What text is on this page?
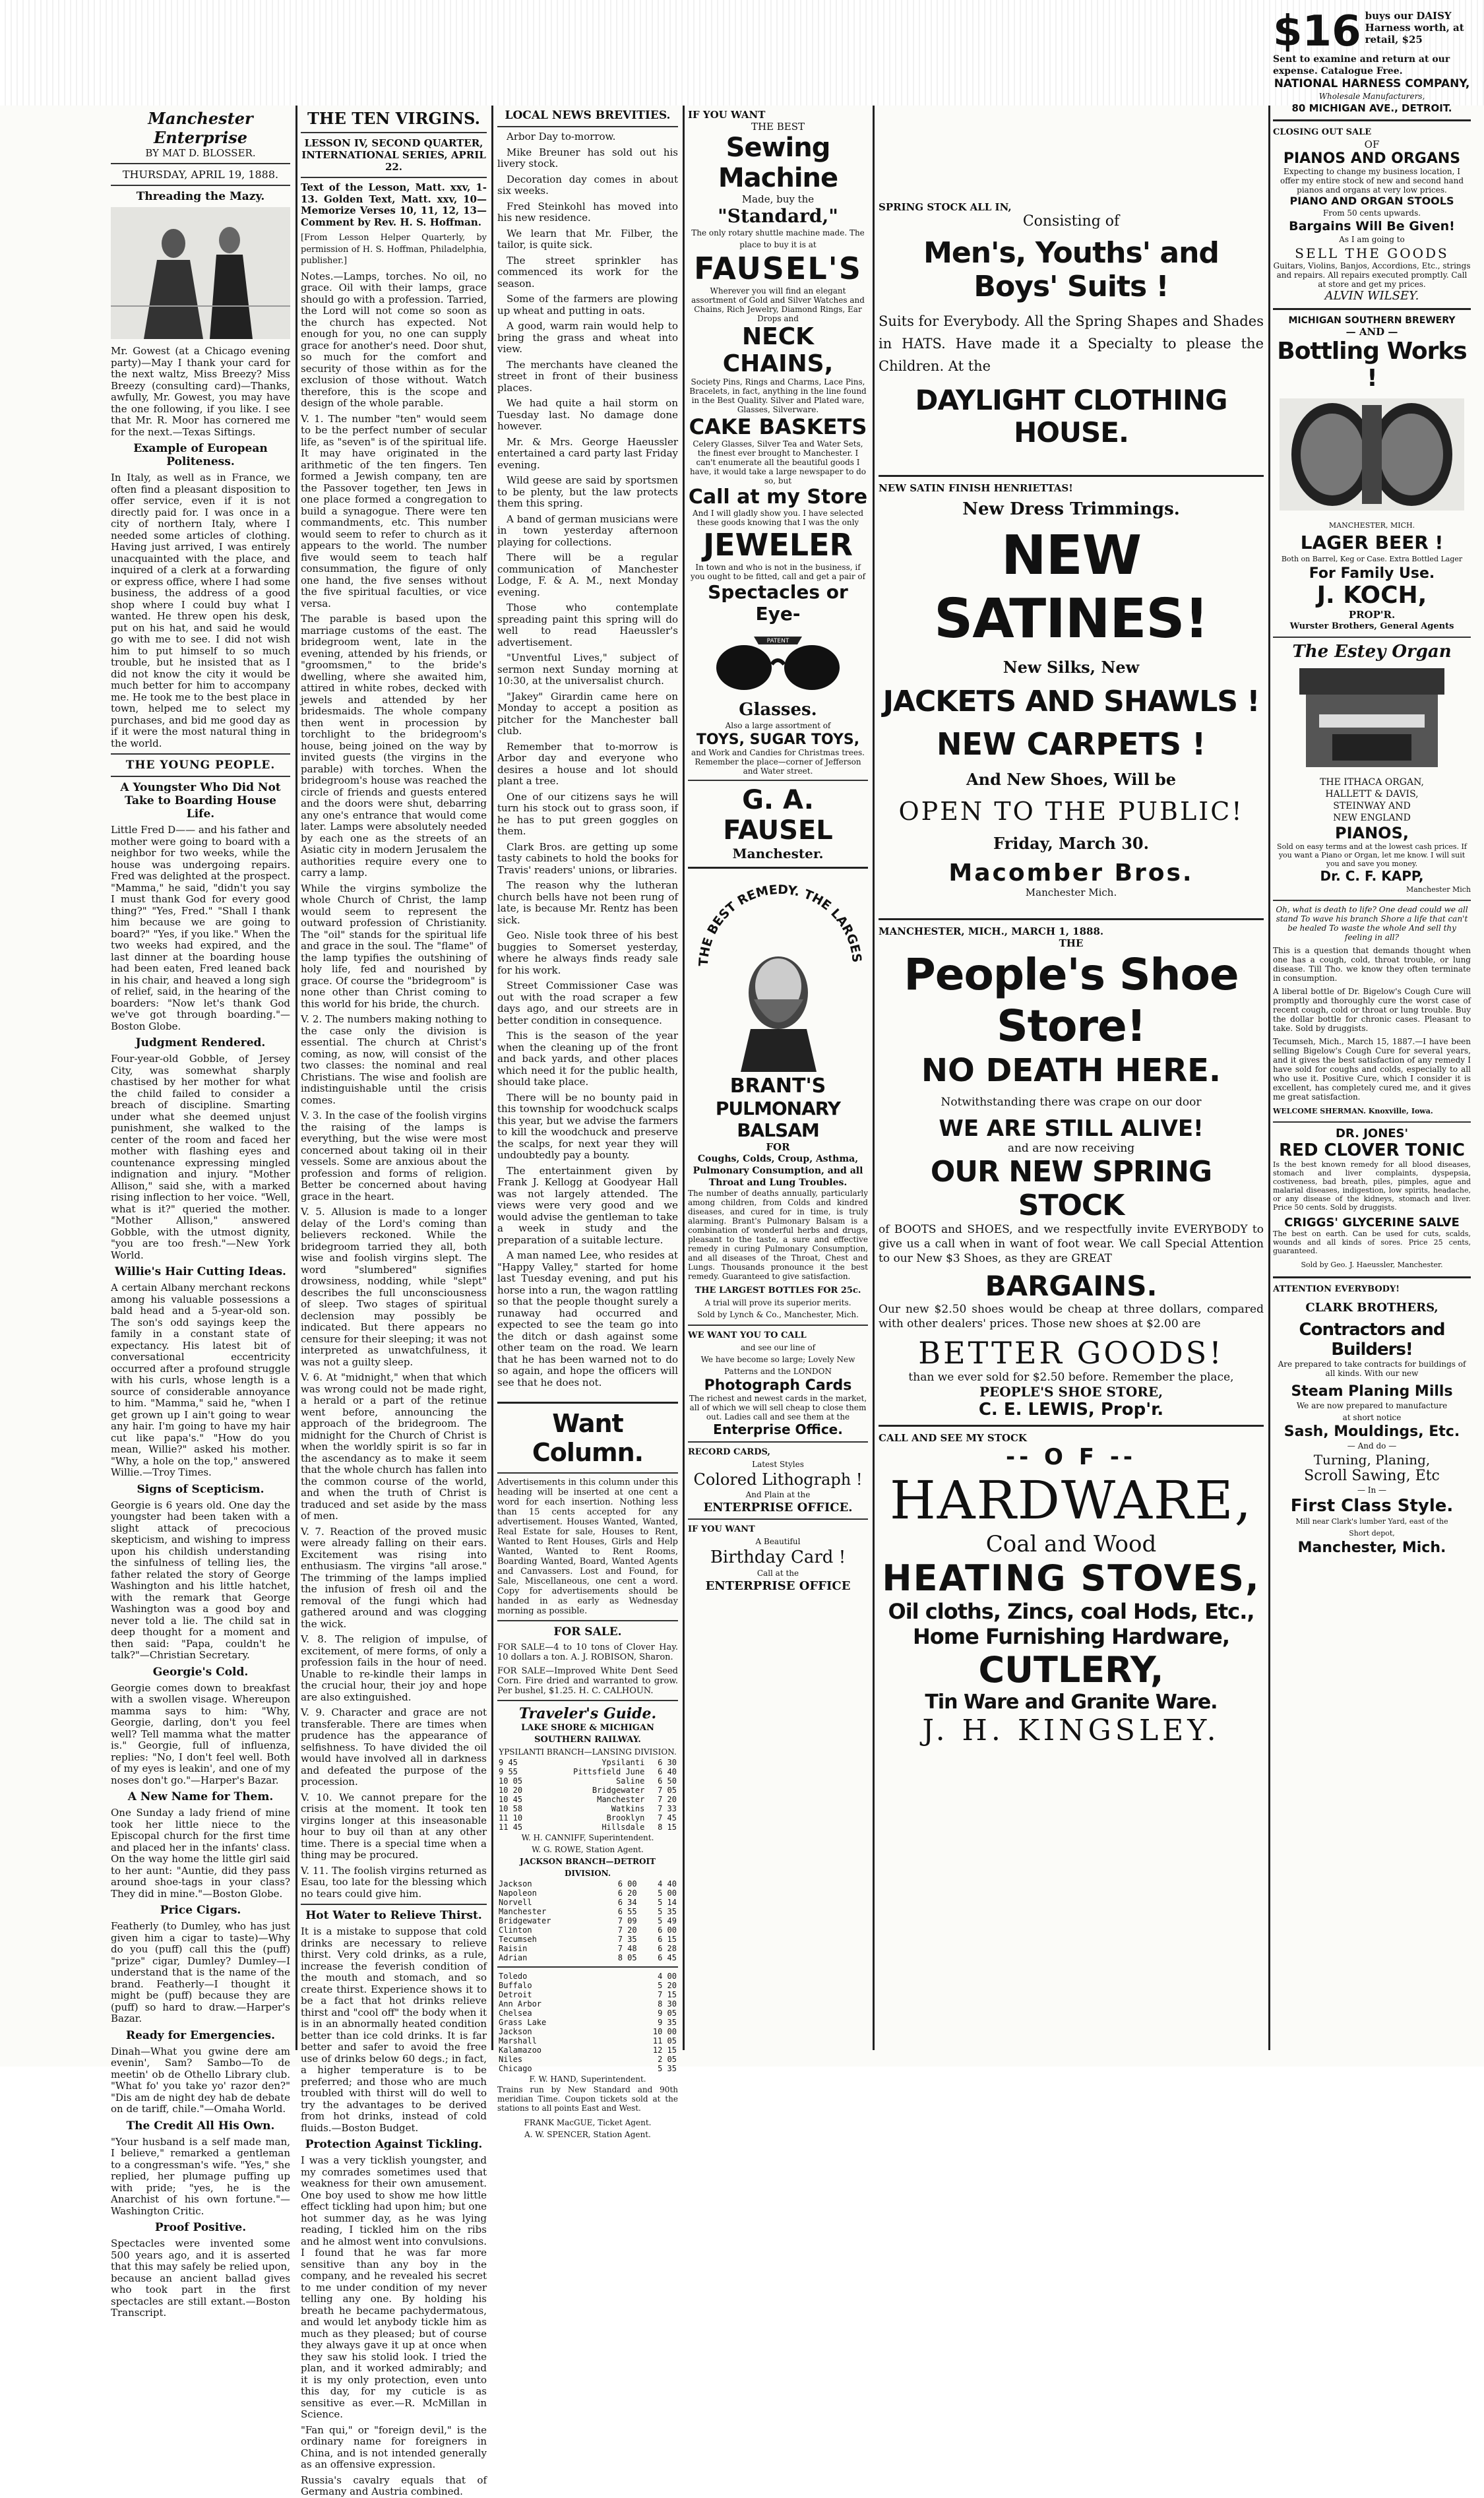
Manchester Enterprise
BY MAT D. BLOSSER.
THURSDAY, APRIL 19, 1888.
Threading the Mazy.

Mr. Gowest (at a Chicago evening party)—May I thank your card for the next waltz, Miss Breezy? Miss Breezy (consulting card)—Thanks, awfully, Mr. Gowest, you may have the one following, if you like. I see that Mr. R. Moor has cornered me for the next.—Texas Siftings.

Example of European Politeness.

In Italy, as well as in France, we often find a pleasant disposition to offer service, even if it is not directly paid for. I was once in a city of northern Italy, where I needed some articles of clothing. Having just arrived, I was entirely unacquainted with the place, and inquired of a clerk at a forwarding or express office, where I had some business, the address of a good shop where I could buy what I wanted. He threw open his desk, put on his hat, and said he would go with me to see. I did not wish him to put himself to so much trouble, but he insisted that as I did not know the city it would be much better for him to accompany me. He took me to the best place in town, helped me to select my purchases, and bid me good day as if it were the most natural thing in the world.

THE YOUNG PEOPLE.
A Youngster Who Did Not Take to Boarding House Life.

Little Fred D—— and his father and mother were going to board with a neighbor for two weeks, while the house was undergoing repairs. Fred was delighted at the prospect. "Mamma," he said, "didn't you say I must thank God for every good thing?" "Yes, Fred." "Shall I thank him because we are going to board?" "Yes, if you like." When the two weeks had expired, and the last dinner at the boarding house had been eaten, Fred leaned back in his chair, and heaved a long sigh of relief, said, in the hearing of the boarders: "Now let's thank God we've got through boarding."—Boston Globe.

Judgment Rendered.

Four-year-old Gobble, of Jersey City, was somewhat sharply chastised by her mother for what the child failed to consider a breach of discipline. Smarting under what she deemed unjust punishment, she walked to the center of the room and faced her mother with flashing eyes and countenance expressing mingled indignation and injury. "Mother Allison," said she, with a marked rising inflection to her voice. "Well, what is it?" queried the mother. "Mother Allison," answered Gobble, with the utmost dignity, "you are too fresh."—New York World.

Willie's Hair Cutting Ideas.

A certain Albany merchant reckons among his valuable possessions a bald head and a 5-year-old son. The son's odd sayings keep the family in a constant state of expectancy. His latest bit of conversational eccentricity occurred after a profound struggle with his curls, whose length is a source of considerable annoyance to him. "Mamma," said he, "when I get grown up I ain't going to wear any hair. I'm going to have my hair cut like papa's." "How do you mean, Willie?" asked his mother. "Why, a hole on the top," answered Willie.—Troy Times.

Signs of Scepticism.

Georgie is 6 years old. One day the youngster had been taken with a slight attack of precocious skepticism, and wishing to impress upon his childish understanding the sinfulness of telling lies, the father related the story of George Washington and his little hatchet, with the remark that George Washington was a good boy and never told a lie. The child sat in deep thought for a moment and then said: "Papa, couldn't he talk?"—Christian Secretary.

Georgie's Cold.

Georgie comes down to breakfast with a swollen visage. Whereupon mamma says to him: "Why, Georgie, darling, don't you feel well? Tell mamma what the matter is." Georgie, full of influenza, replies: "No, I don't feel well. Both of my eyes is leakin', and one of my noses don't go."—Harper's Bazar.

A New Name for Them.

One Sunday a lady friend of mine took her little niece to the Episcopal church for the first time and placed her in the infants' class. On the way home the little girl said to her aunt: "Auntie, did they pass around shoe-tags in your class? They did in mine."—Boston Globe.

Price Cigars.

Featherly (to Dumley, who has just given him a cigar to taste)—Why do you (puff) call this the (puff) "prize" cigar, Dumley? Dumley—I understand that is the name of the brand. Featherly—I thought it might be (puff) because they are (puff) so hard to draw.—Harper's Bazar.

Ready for Emergencies.

Dinah—What you gwine dere am evenin', Sam? Sambo—To de meetin' ob de Othello Library club. "What fo' you take yo' razor den?" "Dis am de night dey hab de debate on de tariff, chile."—Omaha World.

The Credit All His Own.

"Your husband is a self made man, I believe," remarked a gentleman to a congressman's wife. "Yes," she replied, her plumage puffing up with pride; "yes, he is the Anarchist of his own fortune."—Washington Critic.

Proof Positive.

Spectacles were invented some 500 years ago, and it is asserted that this may safely be relied upon, because an ancient ballad gives who took part in the first spectacles are still extant.—Boston Transcript.

THE TEN VIRGINS.
LESSON IV, SECOND QUARTER, INTERNATIONAL SERIES, APRIL 22.

Text of the Lesson, Matt. xxv, 1-13. Golden Text, Matt. xxv, 10—Memorize Verses 10, 11, 12, 13—Comment by Rev. H. S. Hoffman.

[From Lesson Helper Quarterly, by permission of H. S. Hoffman, Philadelphia, publisher.]

Notes.—Lamps, torches. No oil, no grace. Oil with their lamps, grace should go with a profession. Tarried, the Lord will not come so soon as the church has expected. Not enough for you, no one can supply grace for another's need. Door shut, so much for the comfort and security of those within as for the exclusion of those without. Watch therefore, this is the scope and design of the whole parable.

V. 1. The number "ten" would seem to be the perfect number of secular life, as "seven" is of the spiritual life. It may have originated in the arithmetic of the ten fingers. Ten formed a Jewish company, ten are the Passover together, ten Jews in one place formed a congregation to build a synagogue. There were ten commandments, etc. This number would seem to refer to church as it appears to the world. The number five would seem to teach half consummation, the figure of only one hand, the five senses without the five spiritual faculties, or vice versa.

The parable is based upon the marriage customs of the east. The bridegroom went, late in the evening, attended by his friends, or "groomsmen," to the bride's dwelling, where she awaited him, attired in white robes, decked with jewels and attended by her bridesmaids. The whole company then went in procession by torchlight to the bridegroom's house, being joined on the way by invited guests (the virgins in the parable) with torches. When the bridegroom's house was reached the circle of friends and guests entered and the doors were shut, debarring any one's entrance that would come later. Lamps were absolutely needed by each one as the streets of an Asiatic city in modern Jerusalem the authorities require every one to carry a lamp.

While the virgins symbolize the whole Church of Christ, the lamp would seem to represent the outward profession of Christianity. The "oil" stands for the spiritual life and grace in the soul. The "flame" of the lamp typifies the outshining of holy life, fed and nourished by grace. Of course the "bridegroom" is none other than Christ coming to this world for his bride, the church.

V. 2. The numbers making nothing to the case only the division is essential. The church at Christ's coming, as now, will consist of the two classes: the nominal and real Christians. The wise and foolish are indistinguishable until the crisis comes.

V. 3. In the case of the foolish virgins the raising of the lamps is everything, but the wise were most concerned about taking oil in their vessels. Some are anxious about the profession and forms of religion. Better be concerned about having grace in the heart.

V. 5. Allusion is made to a longer delay of the Lord's coming than believers reckoned. While the bridegroom tarried they all, both wise and foolish virgins slept. The word "slumbered" signifies drowsiness, nodding, while "slept" describes the full unconsciousness of sleep. Two stages of spiritual declension may possibly be indicated. But there appears no censure for their sleeping; it was not interpreted as unwatchfulness, it was not a guilty sleep.

V. 6. At "midnight," when that which was wrong could not be made right, a herald or a part of the retinue went before, announcing the approach of the bridegroom. The midnight for the Church of Christ is when the worldly spirit is so far in the ascendancy as to make it seem that the whole church has fallen into the common course of the world, and when the truth of Christ is traduced and set aside by the mass of men.

V. 7. Reaction of the proved music were already falling on their ears. Excitement was rising into enthusiasm. The virgins "all arose." The trimming of the lamps implied the infusion of fresh oil and the removal of the fungi which had gathered around and was clogging the wick.

V. 8. The religion of impulse, of excitement, of mere forms, of only a profession fails in the hour of need. Unable to re-kindle their lamps in the crucial hour, their joy and hope are also extinguished.

V. 9. Character and grace are not transferable. There are times when prudence has the appearance of selfishness. To have divided the oil would have involved all in darkness and defeated the purpose of the procession.

V. 10. We cannot prepare for the crisis at the moment. It took ten virgins longer at this inseasonable hour to buy oil than at any other time. There is a special time when a thing may be procured.

V. 11. The foolish virgins returned as Esau, too late for the blessing which no tears could give him.

Hot Water to Relieve Thirst.

It is a mistake to suppose that cold drinks are necessary to relieve thirst. Very cold drinks, as a rule, increase the feverish condition of the mouth and stomach, and so create thirst. Experience shows it to be a fact that hot drinks relieve thirst and "cool off" the body when it is in an abnormally heated condition better than ice cold drinks. It is far better and safer to avoid the free use of drinks below 60 degs.; in fact, a higher temperature is to be preferred; and those who are much troubled with thirst will do well to try the advantages to be derived from hot drinks, instead of cold fluids.—Boston Budget.

Protection Against Tickling.

I was a very ticklish youngster, and my comrades sometimes used that weakness for their own amusement. One boy used to show me how little effect tickling had upon him; but one hot summer day, as he was lying reading, I tickled him on the ribs and he almost went into convulsions. I found that he was far more sensitive than any boy in the company, and he revealed his secret to me under condition of my never telling any one. By holding his breath he became pachydermatous, and would let anybody tickle him as much as they pleased; but of course they always gave it up at once when they saw his stolid look. I tried the plan, and it worked admirably; and it is my only protection, even unto this day, for my cuticle is as sensitive as ever.—R. McMillan in Science.

"Fan qui," or "foreign devil," is the ordinary name for foreigners in China, and is not intended generally as an offensive expression.

Russia's cavalry equals that of Germany and Austria combined.

LOCAL NEWS BREVITIES.

Arbor Day to-morrow.

Mike Breuner has sold out his livery stock.

Decoration day comes in about six weeks.

Fred Steinkohl has moved into his new residence.

We learn that Mr. Filber, the tailor, is quite sick.

The street sprinkler has commenced its work for the season.

Some of the farmers are plowing up wheat and putting in oats.

A good, warm rain would help to bring the grass and wheat into view.

The merchants have cleaned the street in front of their business places.

We had quite a hail storm on Tuesday last. No damage done however.

Mr. & Mrs. George Haeussler entertained a card party last Friday evening.

Wild geese are said by sportsmen to be plenty, but the law protects them this spring.

A band of german musicians were in town yesterday afternoon playing for collections.

There will be a regular communication of Manchester Lodge, F. & A. M., next Monday evening.

Those who contemplate spreading paint this spring will do well to read Haeussler's advertisement.

"Unventful Lives," subject of sermon next Sunday morning at 10:30, at the universalist church.

"Jakey" Girardin came here on Monday to accept a position as pitcher for the Manchester ball club.

Remember that to-morrow is Arbor day and everyone who desires a house and lot should plant a tree.

One of our citizens says he will turn his stock out to grass soon, if he has to put green goggles on them.

Clark Bros. are getting up some tasty cabinets to hold the books for Travis' readers' unions, or libraries.

The reason why the lutheran church bells have not been rung of late, is because Mr. Rentz has been sick.

Geo. Nisle took three of his best buggies to Somerset yesterday, where he always finds ready sale for his work.

Street Commissioner Case was out with the road scraper a few days ago, and our streets are in better condition in consequence.

This is the season of the year when the cleaning up of the front and back yards, and other places which need it for the public health, should take place.

There will be no bounty paid in this township for woodchuck scalps this year, but we advise the farmers to kill the woodchuck and preserve the scalps, for next year they will undoubtedly pay a bounty.

The entertainment given by Frank J. Kellogg at Goodyear Hall was not largely attended. The views were very good and we would advise the gentleman to take a week in study and the preparation of a suitable lecture.

A man named Lee, who resides at "Happy Valley," started for home last Tuesday evening, and put his horse into a run, the wagon rattling so that the people thought surely a runaway had occurred and expected to see the team go into the ditch or dash against some other team on the road. We learn that he has been warned not to do so again, and hope the officers will see that he does not.

Want Column.

Advertisements in this column under this heading will be inserted at one cent a word for each insertion. Nothing less than 15 cents accepted for any advertisement. Houses Wanted, Wanted, Real Estate for sale, Houses to Rent, Wanted to Rent Houses, Girls and Help Wanted, Wanted to Rent Rooms, Boarding Wanted, Board, Wanted Agents and Canvassers. Lost and Found, for Sale, Miscellaneous, one cent a word. Copy for advertisements should be handed in as early as Wednesday morning as possible.

FOR SALE.

FOR SALE—4 to 10 tons of Clover Hay. 10 dollars a ton. A. J. ROBISON, Sharon.

FOR SALE—Improved White Dent Seed Corn. Fire dried and warranted to grow. Per bushel, $1.25. H. C. CALHOUN.

Traveler's Guide.
LAKE SHORE & MICHIGAN SOUTHERN RAILWAY.
YPSILANTI BRANCH—LANSING DIVISION.
9 45	Ypsilanti	6 30
9 55	Pittsfield June	6 40
10 05	Saline	6 50
10 20	Bridgewater	7 05
10 45	Manchester	7 20
10 58	Watkins	7 33
11 10	Brooklyn	7 45
11 45	Hillsdale	8 15
W. H. CANNIFF, Superintendent.
W. G. ROWE, Station Agent.
JACKSON BRANCH—DETROIT DIVISION.
Jackson	6 00	4 40
Napoleon	6 20	5 00
Norvell	6 34	5 14
Manchester	6 55	5 35
Bridgewater	7 09	5 49
Clinton	7 20	6 00
Tecumseh	7 35	6 15
Raisin	7 48	6 28
Adrian	8 05	6 45
Toledo	4 00
Buffalo	5 20
Detroit	7 15
Ann Arbor	8 30
Chelsea	9 05
Grass Lake	9 35
Jackson	10 00
Marshall	11 05
Kalamazoo	12 15
Niles	2 05
Chicago	5 35
F. W. HAND, Superintendent.

Trains run by New Standard and 90th meridian Time. Coupon tickets sold at the stations to all points East and West.

FRANK MacGUE, Ticket Agent.
A. W. SPENCER, Station Agent.
IF YOU WANT
THE BEST
Sewing Machine
Made, buy the
"Standard,"
The only rotary shuttle machine made. The place to buy it is at
FAUSEL'S
Wherever you will find an elegant assortment of Gold and Silver Watches and Chains, Rich Jewelry, Diamond Rings, Ear Drops and
NECK CHAINS,
Society Pins, Rings and Charms, Lace Pins, Bracelets, in fact, anything in the line found in the Best Quality. Silver and Plated ware, Glasses, Silverware.
CAKE BASKETS
Celery Glasses, Silver Tea and Water Sets, the finest ever brought to Manchester. I can't enumerate all the beautiful goods I have, it would take a large newspaper to do so, but
Call at my Store
And I will gladly show you. I have selected these goods knowing that I was the only
JEWELER
In town and who is not in the business, if you ought to be fitted, call and get a pair of
Spectacles or Eye-
PATENT
Glasses.
Also a large assortment of
TOYS, SUGAR TOYS,
and Work and Candies for Christmas trees. Remember the place—corner of Jefferson and Water street.
G. A. FAUSEL
Manchester.
THE BEST REMEDY. THE LARGES
BRANT'S
PULMONARY BALSAM
FOR
Coughs, Colds, Croup, Asthma, Pulmonary Consumption, and all Throat and Lung Troubles.

The number of deaths annually, particularly among children, from Colds and kindred diseases, and cured for in time, is truly alarming. Brant's Pulmonary Balsam is a combination of wonderful herbs and drugs, pleasant to the taste, a sure and effective remedy in curing Pulmonary Consumption, and all diseases of the Throat, Chest and Lungs. Thousands pronounce it the best remedy. Guaranteed to give satisfaction.

THE LARGEST BOTTLES FOR 25c.
A trial will prove its superior merits.
Sold by Lynch & Co., Manchester, Mich.
WE WANT YOU TO CALL
and see our line of
We have become so large; Lovely New Patterns and the LONDON
Photograph Cards
The richest and newest cards in the market, all of which we will sell cheap to close them out. Ladies call and see them at the
Enterprise Office.
RECORD CARDS,
Latest Styles
Colored Lithograph !
And Plain at the
ENTERPRISE OFFICE.
IF YOU WANT
A Beautiful
Birthday Card !
Call at the
ENTERPRISE OFFICE
SPRING STOCK ALL IN,
Consisting of
Men's, Youths' and Boys' Suits !

Suits for Everybody. All the Spring Shapes and Shades in HATS. Have made it a Specialty to please the Children. At the

DAYLIGHT CLOTHING HOUSE.
NEW SATIN FINISH HENRIETTAS!
New Dress Trimmings.
NEW SATINES!
New Silks, New
JACKETS AND SHAWLS !
NEW CARPETS !
And New Shoes, Will be
OPEN TO THE PUBLIC!
Friday, March 30.
Macomber Bros.
Manchester Mich.
MANCHESTER, MICH., MARCH 1, 1888.
THE
People's Shoe Store!
NO DEATH HERE.
Notwithstanding there was crape on our door
WE ARE STILL ALIVE!
and are now receiving
OUR NEW SPRING STOCK

of BOOTS and SHOES, and we respectfully invite EVERYBODY to give us a call when in want of foot wear. We call Special Attention to our New $3 Shoes, as they are GREAT

BARGAINS.

Our new $2.50 shoes would be cheap at three dollars, compared with other dealers' prices. Those new shoes at $2.00 are

BETTER GOODS!
than we ever sold for $2.50 before. Remember the place,
PEOPLE'S SHOE STORE,
C. E. LEWIS, Prop'r.
CALL AND SEE MY STOCK
-- O F --
HARDWARE,
Coal and Wood
HEATING STOVES,
Oil cloths, Zincs, coal Hods, Etc.,
Home Furnishing Hardware,
CUTLERY,
Tin Ware and Granite Ware.
J. H. KINGSLEY.
$16 buys our DAISY Harness worth, at retail, $25
Sent to examine and return at our expense. Catalogue Free.
NATIONAL HARNESS COMPANY,
Wholesale Manufacturers,
80 MICHIGAN AVE., DETROIT.
CLOSING OUT SALE
OF
PIANOS AND ORGANS
Expecting to change my business location, I offer my entire stock of new and second hand pianos and organs at very low prices.
PIANO AND ORGAN STOOLS
From 50 cents upwards.
Bargains Will Be Given!
As I am going to
SELL THE GOODS
Guitars, Violins, Banjos, Accordions, Etc., strings and repairs. All repairs executed promptly. Call at store and get my prices.
ALVIN WILSEY.
MICHIGAN SOUTHERN BREWERY
— AND —
Bottling Works !
MANCHESTER, MICH.
LAGER BEER !
Both on Barrel, Keg or Case. Extra Bottled Lager
For Family Use.
J. KOCH,
PROP'R.
Wurster Brothers, General Agents
The Estey Organ
THE ITHACA ORGAN,
HALLETT & DAVIS,
STEINWAY AND
NEW ENGLAND
PIANOS,
Sold on easy terms and at the lowest cash prices. If you want a Piano or Organ, let me know. I will suit you and save you money.
Dr. C. F. KAPP,
Manchester Mich

Oh, what is death to life? One dead could we all stand To wave his branch Shore a life that can't be healed To waste the whole And sell thy feeling in all?

This is a question that demands thought when one has a cough, cold, throat trouble, or lung disease. Till Tho. we know they often terminate in consumption.

A liberal bottle of Dr. Bigelow's Cough Cure will promptly and thoroughly cure the worst case of recent cough, cold or throat or lung trouble. Buy the dollar bottle for chronic cases. Pleasant to take. Sold by druggists.

Tecumseh, Mich., March 15, 1887.—I have been selling Bigelow's Cough Cure for several years, and it gives the best satisfaction of any remedy I have sold for coughs and colds, especially to all who use it. Positive Cure, which I consider it is excellent, has completely cured me, and it gives me great satisfaction.

WELCOME SHERMAN. Knoxville, Iowa.
DR. JONES'
RED CLOVER TONIC

Is the best known remedy for all blood diseases, stomach and liver complaints, dyspepsia, costiveness, bad breath, piles, pimples, ague and malarial diseases, indigestion, low spirits, headache, or any disease of the kidneys, stomach and liver. Price 50 cents. Sold by druggists.

CRIGGS' GLYCERINE SALVE

The best on earth. Can be used for cuts, scalds, wounds and all kinds of sores. Price 25 cents, guaranteed.

Sold by Geo. J. Haeussler, Manchester.
ATTENTION EVERYBODY!
CLARK BROTHERS,
Contractors and Builders!
Are prepared to take contracts for buildings of all kinds. With our new
Steam Planing Mills
We are now prepared to manufacture
at short notice
Sash, Mouldings, Etc.
— And do —
Turning, Planing,
Scroll Sawing, Etc
— In —
First Class Style.
Mill near Clark's lumber Yard, east of the
Short depot,
Manchester, Mich.
